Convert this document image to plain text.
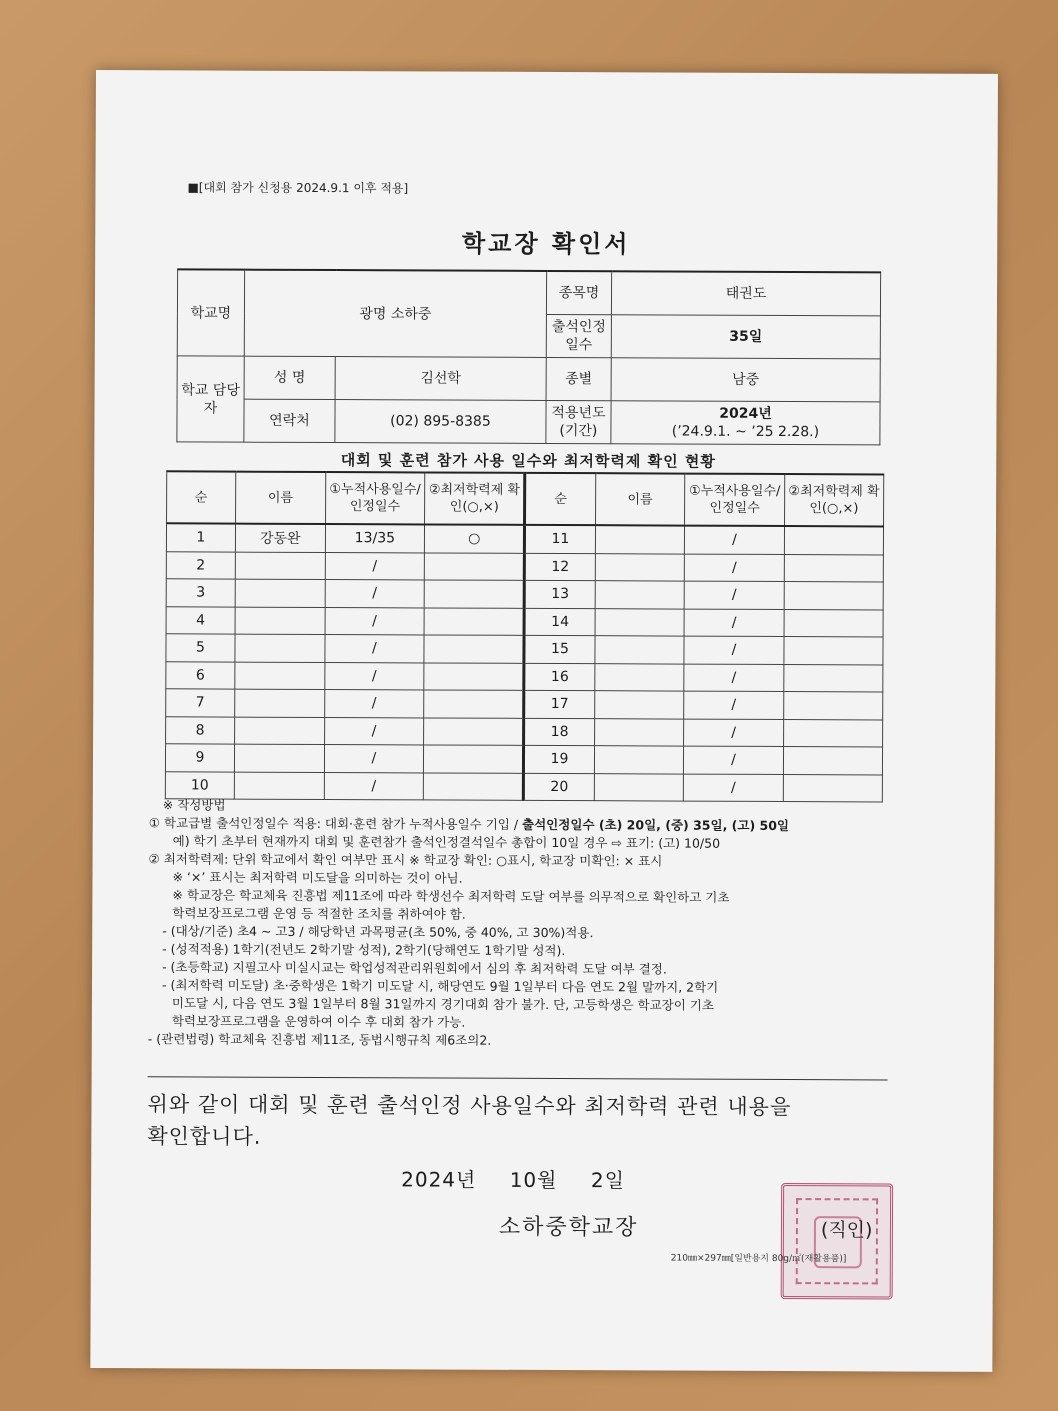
■[대회 참가 신청용 2024.9.1 이후 적용]
학교장 확인서
학교명	광명 소하중		종목명	태권도
			출석인정 일수	35일
학교 담당자	성 명	김선학	종별	남중
	연락처	(02) 895-8385	적용년도 (기간)	2024년
(’24.9.1. ~ ’25 2.28.)
대회 및 훈련 참가 사용 일수와 최저학력제 확인 현황
순	이름	①누적사용일수/인정일수	②최저학력제 확인(○,×)	순	이름	①누적사용일수/인정일수	②최저학력제 확인(○,×)
1	강동완	13/35	○	11		/	
2		/		12		/	
3		/		13		/	
4		/		14		/	
5		/		15		/	
6		/		16		/	
7		/		17		/	
8		/		18		/	
9		/		19		/	
10		/		20		/	
※ 작성방법
① 학교급별 출석인정일수 적용: 대회·훈련 참가 누적사용일수 기입 / 출석인정일수 (초) 20일, (중) 35일, (고) 50일
예) 학기 초부터 현재까지 대회 및 훈련참가 출석인정결석일수 총합이 10일 경우 ⇨ 표기: (고) 10/50
② 최저학력제: 단위 학교에서 확인 여부만 표시 ※ 학교장 확인: ○표시, 학교장 미확인: × 표시
※ ‘×’ 표시는 최저학력 미도달을 의미하는 것이 아님.
※ 학교장은 학교체육 진흥법 제11조에 따라 학생선수 최저학력 도달 여부를 의무적으로 확인하고 기초
학력보장프로그램 운영 등 적절한 조치를 취하여야 함.
- (대상/기준) 초4 ~ 고3 / 해당학년 과목평균(초 50%, 중 40%, 고 30%)적용.
- (성적적용) 1학기(전년도 2학기말 성적), 2학기(당해연도 1학기말 성적).
- (초등학교) 지필고사 미실시교는 학업성적관리위원회에서 심의 후 최저학력 도달 여부 결정.
- (최저학력 미도달) 초·중학생은 1학기 미도달 시, 해당연도 9월 1일부터 다음 연도 2월 말까지, 2학기
미도달 시, 다음 연도 3월 1일부터 8월 31일까지 경기대회 참가 불가. 단, 고등학생은 학교장이 기초
학력보장프로그램을 운영하여 이수 후 대회 참가 가능.
- (관련법령) 학교체육 진흥법 제11조, 동법시행규칙 제6조의2.
위와 같이 대회 및 훈련 출석인정 사용일수와 최저학력 관련 내용을
확인합니다.
2024년 10월 2일
소하중학교장	(직인)
210㎜×297㎜[일반용지 80g/㎡(재활용품)]
